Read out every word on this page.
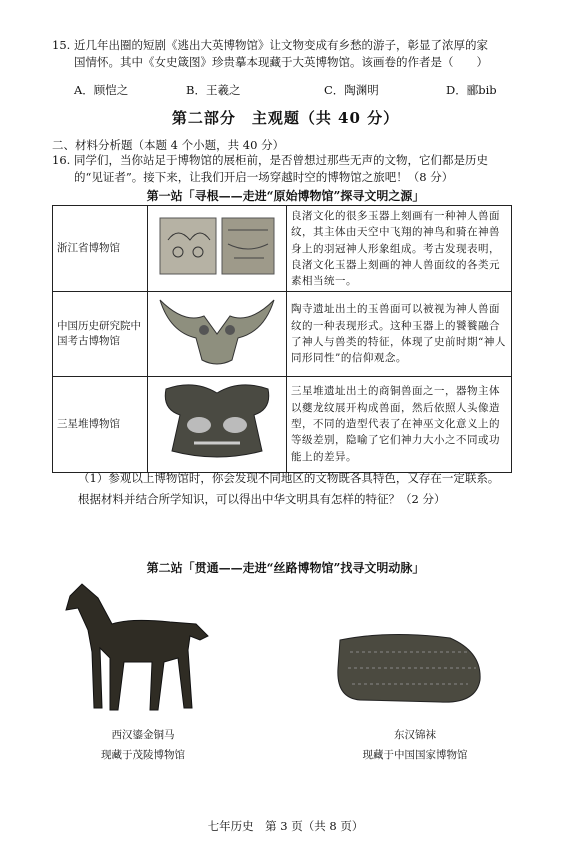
15. 近几年出圈的短剧《逃出大英博物馆》让文物变成有乡愁的游子，彰显了浓厚的家
国情怀。其中《女史箴图》珍贵摹本现藏于大英博物馆。该画卷的作者是（　　）
A．顾恺之	B．王羲之	C．陶渊明	D．郦bib
第二部分　主观题（共 40 分）
二、材料分析题（本题 4 个小题，共 40 分）
16. 同学们，当你站足于博物馆的展柜前，是否曾想过那些无声的文物，它们都是历史
的“见证者”。接下来，让我们开启一场穿越时空的博物馆之旅吧！（8 分）
第一站「寻根——走进“原始博物馆”探寻文明之源」
浙江省博物馆		良渚文化的很多玉器上刻画有一种神人兽面纹，其主体由天空中飞翔的神鸟和骑在神兽身上的羽冠神人形象组成。考古发现表明，良渚文化玉器上刻画的神人兽面纹的各类元素相当统一。
中国历史研究院中国考古博物馆		陶寺遗址出土的玉兽面可以被视为神人兽面纹的一种表现形式。这种玉器上的饕餮融合了神人与兽类的特征，体现了史前时期“神人同形同性”的信仰观念。
三星堆博物馆		三星堆遗址出土的商铜兽面之一，器物主体以夔龙纹展开构成兽面，然后依照人头像造型，不同的造型代表了在神巫文化意义上的等级差别，隐喻了它们神力大小之不同或功能上的差异。
（1）参观以上博物馆时，你会发现不同地区的文物既各具特色，又存在一定联系。
根据材料并结合所学知识，可以得出中华文明具有怎样的特征？（2 分）
第二站「贯通——走进“丝路博物馆”找寻文明动脉」
西汉鎏金铜马
现藏于茂陵博物馆
东汉锦袜
现藏于中国国家博物馆
七年历史　第 3 页（共 8 页）
